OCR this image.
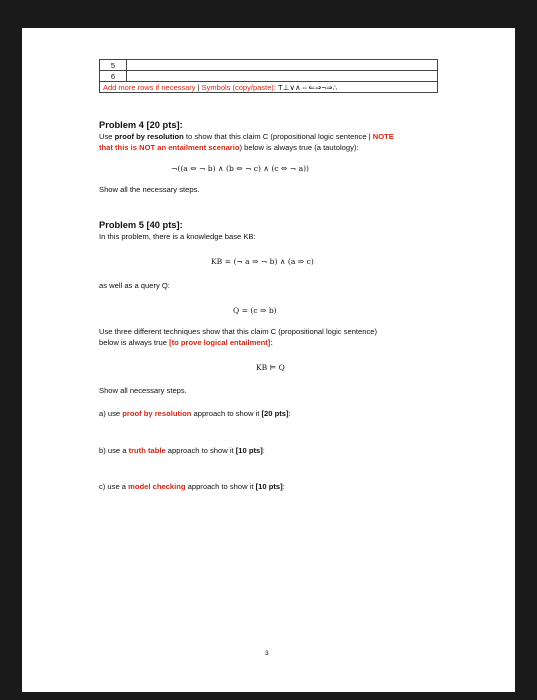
5	
6	
Add more rows if necessary | Symbols (copy/paste): T⊥∨∧⇔⇐⇒¬⇒∴	
Problem 4 [20 pts]:
Use proof by resolution to show that this claim C (propositional logic sentence | NOTE
that this is NOT an entailment scenario) below is always true (a tautology):
¬((a ⇔ ¬ b) ∧ (b ⇔ ¬ c) ∧ (c ⇔ ¬ a))
Show all the necessary steps.
Problem 5 [40 pts]:
In this problem, there is a knowledge base KB:
KB = (¬ a ⇒ ¬ b) ∧ (a ⇒ c)
as well as a query Q:
Q = (c ⇒ b)
Use three different techniques show that this claim C (propositional logic sentence)
below is always true [to prove logical entailment]:
KB ⊨ Q
Show all necessary steps.
a) use proof by resolution approach to show it [20 pts]:
b) use a truth table approach to show it [10 pts]:
c) use a model checking approach to show it [10 pts]:
3
